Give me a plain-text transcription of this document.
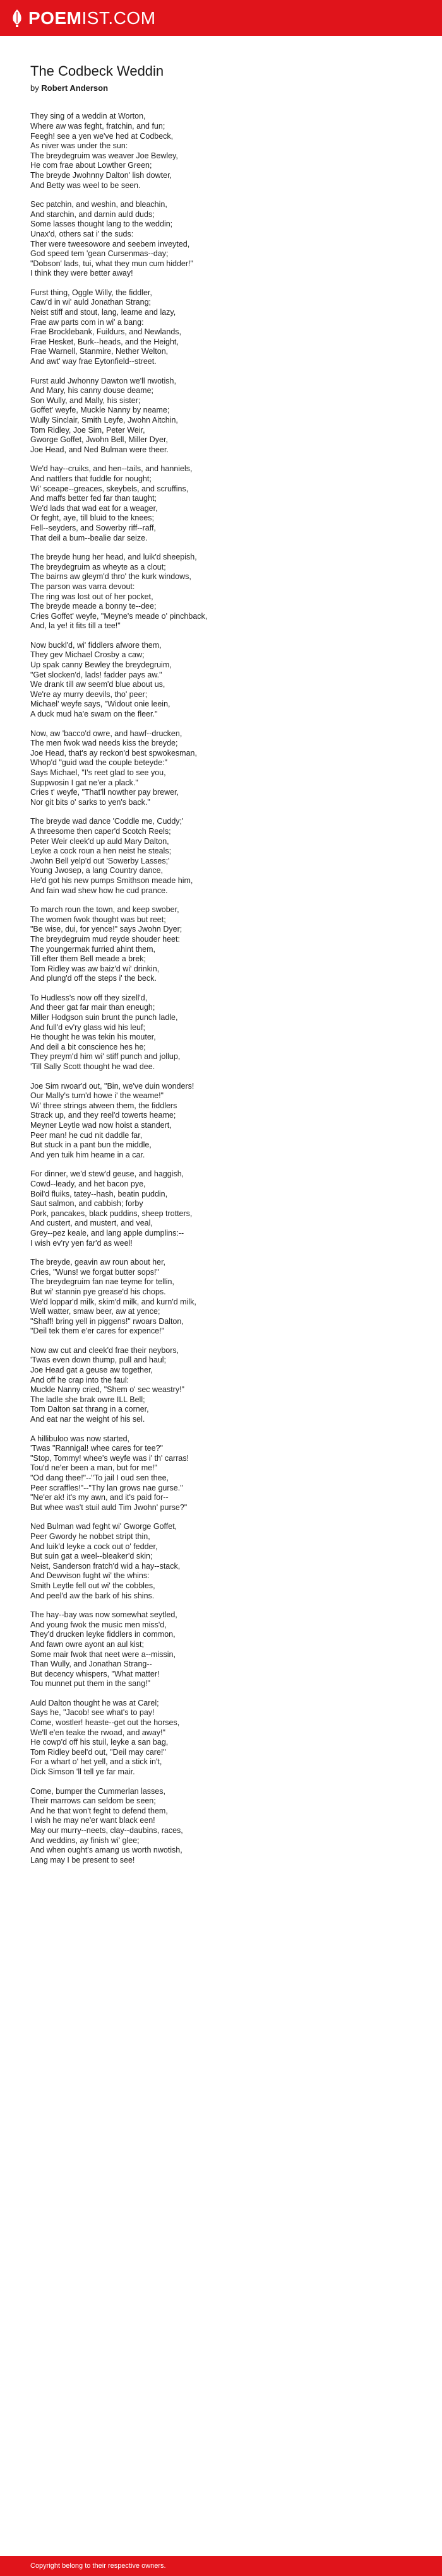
POEMIST.COM
The Codbeck Weddin
by Robert Anderson
They sing of a weddin at Worton,
Where aw was feght, fratchin, and fun;
Feegh! see a yen we've hed at Codbeck,
As niver was under the sun:
The breydegruim was weaver Joe Bewley,
He com frae about Lowther Green;
The breyde Jwohnny Dalton' lish dowter,
And Betty was weel to be seen.
Sec patchin, and weshin, and bleachin,
And starchin, and darnin auld duds;
Some lasses thought lang to the weddin;
Unax'd, others sat i' the suds:
Ther were tweesowore and seebem inveyted,
God speed tem 'gean Cursenmas--day;
"Dobson' lads, tui, what they mun cum hidder!"
I think they were better away!
Furst thing, Oggle Willy, the fiddler,
Caw'd in wi' auld Jonathan Strang;
Neist stiff and stout, lang, leame and lazy,
Frae aw parts com in wi' a bang:
Frae Brocklebank, Fuildurs, and Newlands,
Frae Hesket, Burk--heads, and the Height,
Frae Warnell, Stanmire, Nether Welton,
And awt' way frae Eytonfield--street.
Furst auld Jwhonny Dawton we'll nwotish,
And Mary, his canny douse deame;
Son Wully, and Mally, his sister;
Goffet' weyfe, Muckle Nanny by neame;
Wully Sinclair, Smith Leyfe, Jwohn Aitchin,
Tom Ridley, Joe Sim, Peter Weir,
Gworge Goffet, Jwohn Bell, Miller Dyer,
Joe Head, and Ned Bulman were theer.
We'd hay--cruiks, and hen--tails, and hanniels,
And nattlers that fuddle for nought;
Wi' sceape--greaces, skeybels, and scruffins,
And maffs better fed far than taught;
We'd lads that wad eat for a weager,
Or feght, aye, till bluid to the knees;
Fell--seyders, and Sowerby riff--raff,
That deil a bum--bealie dar seize.
The breyde hung her head, and luik'd sheepish,
The breydegruim as wheyte as a clout;
The bairns aw gleym'd thro' the kurk windows,
The parson was varra devout:
The ring was lost out of her pocket,
The breyde meade a bonny te--dee;
Cries Goffet' weyfe, "Meyne's meade o' pinchback,
And, la ye! it fits till a tee!"
Now buckl'd, wi' fiddlers afwore them,
They gev Michael Crosby a caw;
Up spak canny Bewley the breydegruim,
"Get slocken'd, lads! fadder pays aw."
We drank till aw seem'd blue about us,
We're ay murry deevils, tho' peer;
Michael' weyfe says, "Widout onie leein,
A duck mud ha'e swam on the fleer."
Now, aw 'bacco'd owre, and hawf--drucken,
The men fwok wad needs kiss the breyde;
Joe Head, that's ay reckon'd best spwokesman,
Whop'd "guid wad the couple beteyde:"
Says Michael, "I's reet glad to see you,
Suppwosin I gat ne'er a plack."
Cries t' weyfe, "That'll nowther pay brewer,
Nor git bits o' sarks to yen's back."
The breyde wad dance 'Coddle me, Cuddy;'
A threesome then caper'd Scotch Reels;
Peter Weir cleek'd up auld Mary Dalton,
Leyke a cock roun a hen neist he steals;
Jwohn Bell yelp'd out 'Sowerby Lasses;'
Young Jwosep, a lang Country dance,
He'd got his new pumps Smithson meade him,
And fain wad shew how he cud prance.
To march roun the town, and keep swober,
The women fwok thought was but reet;
"Be wise, dui, for yence!" says Jwohn Dyer;
The breydegruim mud reyde shouder heet:
The youngermak furried ahint them,
Till efter them Bell meade a brek;
Tom Ridley was aw baiz'd wi' drinkin,
And plung'd off the steps i' the beck.
To Hudless's now off they sizell'd,
And theer gat far mair than eneugh;
Miller Hodgson suin brunt the punch ladle,
And full'd ev'ry glass wid his leuf;
He thought he was tekin his mouter,
And deil a bit conscience hes he;
They preym'd him wi' stiff punch and jollup,
'Till Sally Scott thought he wad dee.
Joe Sim rwoar'd out, "Bin, we've duin wonders!
Our Mally's turn'd howe i' the weame!"
Wi' three strings atween them, the fiddlers
Strack up, and they reel'd towerts heame;
Meyner Leytle wad now hoist a standert,
Peer man! he cud nit daddle far,
But stuck in a pant bun the middle,
And yen tuik him heame in a car.
For dinner, we'd stew'd geuse, and haggish,
Cowd--leady, and het bacon pye,
Boil'd fluiks, tatey--hash, beatin puddin,
Saut salmon, and cabbish; forby
Pork, pancakes, black puddins, sheep trotters,
And custert, and mustert, and veal,
Grey--pez keale, and lang apple dumplins:--
I wish ev'ry yen far'd as weel!
The breyde, geavin aw roun about her,
Cries, "Wuns! we forgat butter sops!"
The breydegruim fan nae teyme for tellin,
But wi' stannin pye grease'd his chops.
We'd loppar'd milk, skim'd milk, and kurn'd milk,
Well watter, smaw beer, aw at yence;
"Shaff! bring yell in piggens!" rwoars Dalton,
"Deil tek them e'er cares for expence!"
Now aw cut and cleek'd frae their neybors,
'Twas even down thump, pull and haul;
Joe Head gat a geuse aw together,
And off he crap into the faul:
Muckle Nanny cried, "Shem o' sec weastry!"
The ladle she brak owre ILL Bell;
Tom Dalton sat thrang in a corner,
And eat nar the weight of his sel.
A hillibuloo was now started,
'Twas "Rannigal! whee cares for tee?"
"Stop, Tommy! whee's weyfe was i' th' carras!
Tou'd ne'er been a man, but for me!"
"Od dang thee!"--"To jail I oud sen thee,
Peer scraffles!"--"Thy lan grows nae gurse."
"Ne'er ak! it's my awn, and it's paid for--
But whee was't stuil auld Tim Jwohn' purse?"
Ned Bulman wad feght wi' Gworge Goffet,
Peer Gwordy he nobbet stript thin,
And luik'd leyke a cock out o' fedder,
But suin gat a weel--bleaker'd skin;
Neist, Sanderson fratch'd wid a hay--stack,
And Dewvison fught wi' the whins:
Smith Leytle fell out wi' the cobbles,
And peel'd aw the bark of his shins.
The hay--bay was now somewhat seytled,
And young fwok the music men miss'd,
They'd drucken leyke fiddlers in common,
And fawn owre ayont an aul kist;
Some mair fwok that neet were a--missin,
Than Wully, and Jonathan Strang--
But decency whispers, "What matter!
Tou munnet put them in the sang!"
Auld Dalton thought he was at Carel;
Says he, "Jacob! see what's to pay!
Come, wostler! heaste--get out the horses,
We'll e'en teake the rwoad, and away!"
He cowp'd off his stuil, leyke a san bag,
Tom Ridley beel'd out, "Deil may care!"
For a whart o' het yell, and a stick in't,
Dick Simson 'll tell ye far mair.
Come, bumper the Cummerlan lasses,
Their marrows can seldom be seen;
And he that won't feght to defend them,
I wish he may ne'er want black een!
May our murry--neets, clay--daubins, races,
And weddins, ay finish wi' glee;
And when ought's amang us worth nwotish,
Lang may I be present to see!
Copyright belong to their respective owners.
